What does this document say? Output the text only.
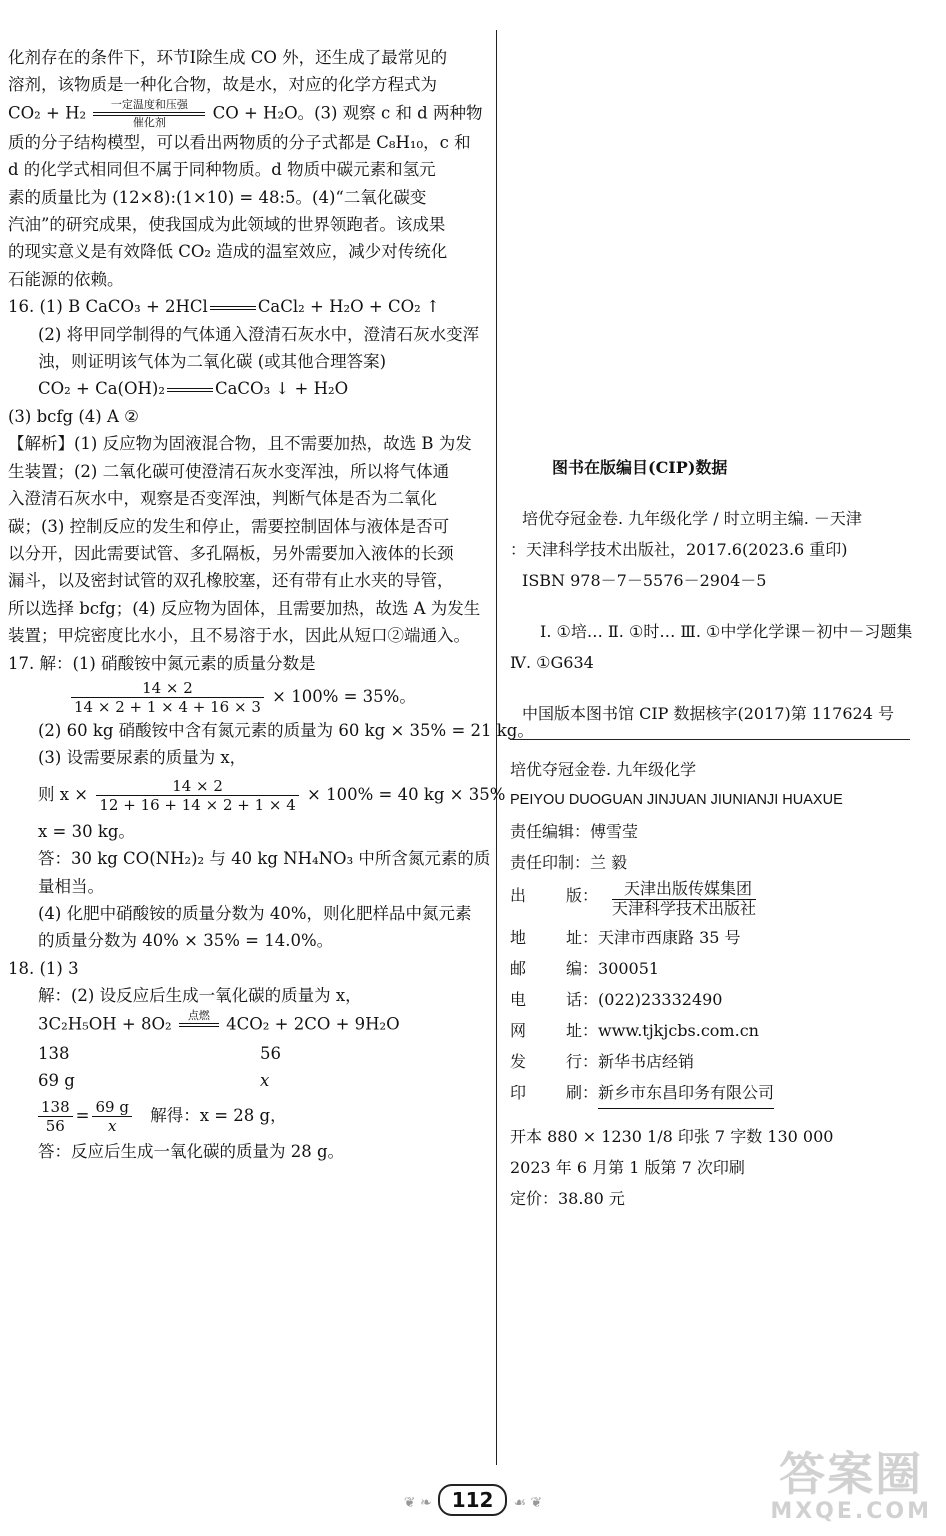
化剂存在的条件下，环节Ⅰ除生成 CO 外，还生成了最常见的
溶剂，该物质是一种化合物，故是水，对应的化学方程式为
CO₂ + H₂	一定温度和压强
催化剂	CO + H₂O。(3) 观察 c 和 d 两种物
质的分子结构模型，可以看出两物质的分子式都是 C₈H₁₀，c 和
d 的化学式相同但不属于同种物质。d 物质中碳元素和氢元
素的质量比为 (12×8):(1×10) = 48:5。(4)“二氧化碳变
汽油”的研究成果，使我国成为此领域的世界领跑者。该成果
的现实意义是有效降低 CO₂ 造成的温室效应，减少对传统化
石能源的依赖。
16. (1) B CaCO₃ + 2HCl	CaCl₂ + H₂O + CO₂ ↑
(2) 将甲同学制得的气体通入澄清石灰水中，澄清石灰水变浑
浊，则证明该气体为二氧化碳 (或其他合理答案)
CO₂ + Ca(OH)₂	CaCO₃ ↓ + H₂O
(3) bcfg (4) A ②
【解析】(1) 反应物为固液混合物，且不需要加热，故选 B 为发
生装置；(2) 二氧化碳可使澄清石灰水变浑浊，所以将气体通
入澄清石灰水中，观察是否变浑浊，判断气体是否为二氧化
碳；(3) 控制反应的发生和停止，需要控制固体与液体是否可
以分开，因此需要试管、多孔隔板，另外需要加入液体的长颈
漏斗，以及密封试管的双孔橡胶塞，还有带有止水夹的导管，
所以选择 bcfg；(4) 反应物为固体，且需要加热，故选 A 为发生
装置；甲烷密度比水小，且不易溶于水，因此从短口②端通入。
17. 解：(1) 硝酸铵中氮元素的质量分数是
$\frac{14 \times 2}{14 \times 2 + 1 \times 4 + 16 \times 3} \times 100\% = 35\%$。
(2) 60 kg 硝酸铵中含有氮元素的质量为 60 kg × 35% = 21 kg。
(3) 设需要尿素的质量为 x，
则 $x \times \frac{14 \times 2}{12 + 16 + 14 \times 2 + 1 \times 4} \times 100\% = 40$ kg × 35%
x = 30 kg。
答：30 kg CO(NH₂)₂ 与 40 kg NH₄NO₃ 中所含氮元素的质
量相当。
(4) 化肥中硝酸铵的质量分数为 40%，则化肥样品中氮元素
的质量分数为 40% × 35% = 14.0%。
18. (1) 3
解：(2) 设反应后生成一氧化碳的质量为 x，
3C₂H₅OH + 8O₂	点燃
4CO₂ + 2CO + 9H₂O
138	56
69 g	x
$\frac{138}{56} = \frac{69 g}{x}$ 解得：x = 28 g，
答：反应后生成一氧化碳的质量为 28 g。
图书在版编目(CIP)数据
培优夺冠金卷. 九年级化学 / 时立明主编. －天津
：天津科学技术出版社，2017.6(2023.6 重印)
ISBN 978－7－5576－2904－5
Ⅰ. ①培… Ⅱ. ①时… Ⅲ. ①中学化学课－初中－习题集
Ⅳ. ①G634
中国版本图书馆 CIP 数据核字(2017)第 117624 号
培优夺冠金卷. 九年级化学
PEIYOU DUOGUAN JINJUAN JIUNIANJI HUAXUE
责任编辑：傅雪莹
责任印制：兰 毅
出	版：	天津出版传媒集团
天津科学技术出版社
地	址： 天津市西康路 35 号
邮	编： 300051
电	话： (022)23332490
网	址： www.tjkjcbs.com.cn
发	行： 新华书店经销
印	刷： 新乡市东昌印务有限公司
开本 880 × 1230 1/8 印张 7 字数 130 000
2023 年 6 月第 1 版第 7 次印刷
定价：38.80 元
❦ ❧ 112 ☙ ❦
答案圈
MXQE.COM
